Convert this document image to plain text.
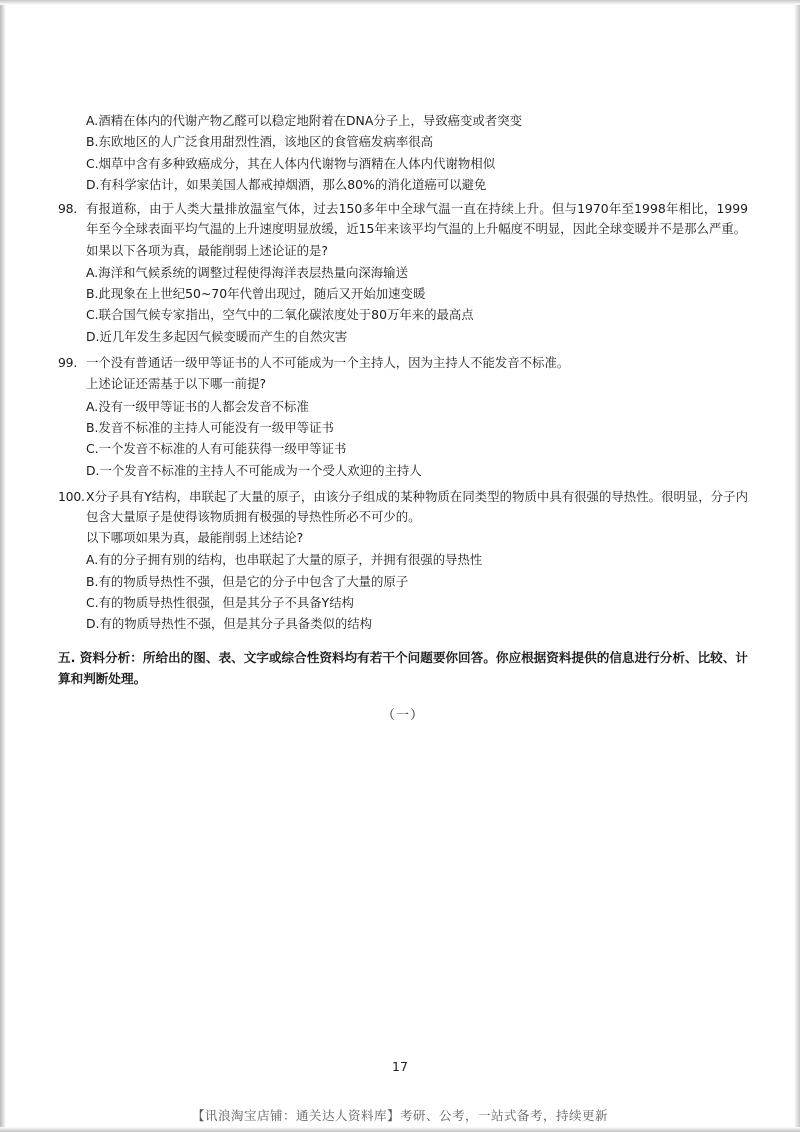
A.酒精在体内的代谢产物乙醛可以稳定地附着在DNA分子上，导致癌变或者突变
B.东欧地区的人广泛食用甜烈性酒，该地区的食管癌发病率很高
C.烟草中含有多种致癌成分，其在人体内代谢物与酒精在人体内代谢物相似
D.有科学家估计，如果美国人都戒掉烟酒，那么80%的消化道癌可以避免
98. 有报道称，由于人类大量排放温室气体，过去150多年中全球气温一直在持续上升。但与1970年至1998年相比，1999年至今全球表面平均气温的上升速度明显放缓，近15年来该平均气温的上升幅度不明显，因此全球变暖并不是那么严重。
如果以下各项为真，最能削弱上述论证的是?
A.海洋和气候系统的调整过程使得海洋表层热量向深海输送
B.此现象在上世纪50~70年代曾出现过，随后又开始加速变暖
C.联合国气候专家指出，空气中的二氧化碳浓度处于80万年来的最高点
D.近几年发生多起因气候变暖而产生的自然灾害
99. 一个没有普通话一级甲等证书的人不可能成为一个主持人，因为主持人不能发音不标准。
上述论证还需基于以下哪一前提?
A.没有一级甲等证书的人都会发音不标准
B.发音不标准的主持人可能没有一级甲等证书
C.一个发音不标准的人有可能获得一级甲等证书
D.一个发音不标准的主持人不可能成为一个受人欢迎的主持人
100. X分子具有Y结构，串联起了大量的原子，由该分子组成的某种物质在同类型的物质中具有很强的导热性。很明显，分子内包含大量原子是使得该物质拥有极强的导热性所必不可少的。
以下哪项如果为真，最能削弱上述结论?
A.有的分子拥有别的结构，也串联起了大量的原子，并拥有很强的导热性
B.有的物质导热性不强，但是它的分子中包含了大量的原子
C.有的物质导热性很强，但是其分子不具备Y结构
D.有的物质导热性不强，但是其分子具备类似的结构
五. 资料分析：所给出的图、表、文字或综合性资料均有若干个问题要你回答。你应根据资料提供的信息进行分析、比较、计算和判断处理。
（一）
17
【讯浪淘宝店铺：通关达人资料库】考研、公考，一站式备考，持续更新
